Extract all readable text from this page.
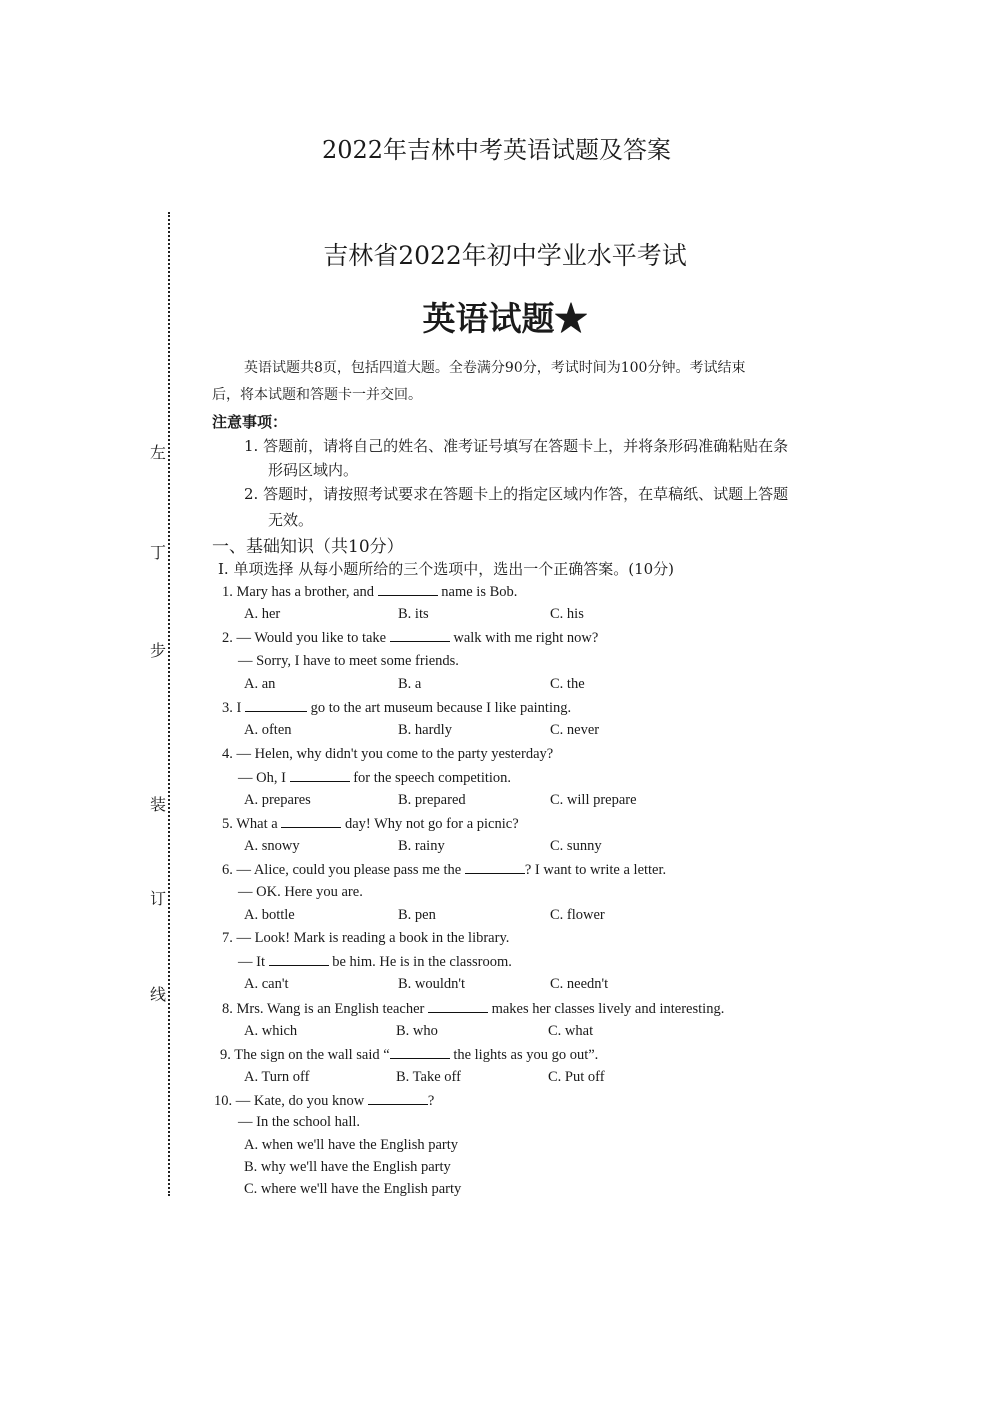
2022年吉林中考英语试题及答案
左
丁
步
装
订
线
吉林省2022年初中学业水平考试
英语试题★
英语试题共8页，包括四道大题。全卷满分90分，考试时间为100分钟。考试结束
后，将本试题和答题卡一并交回。
注意事项：
1. 答题前，请将自己的姓名、准考证号填写在答题卡上，并将条形码准确粘贴在条
形码区域内。
2. 答题时，请按照考试要求在答题卡上的指定区域内作答，在草稿纸、试题上答题
无效。
一、基础知识（共10分）
Ⅰ. 单项选择 从每小题所给的三个选项中，选出一个正确答案。(10分)
1. Mary has a brother, and	name is Bob.
A. her	B. its	C. his
2. — Would you like to take	walk with me right now?
— Sorry, I have to meet some friends.
A. an	B. a	C. the
3. I	go to the art museum because I like painting.
A. often	B. hardly	C. never
4. — Helen, why didn't you come to the party yesterday?
— Oh, I	for the speech competition.
A. prepares	B. prepared	C. will prepare
5. What a	day! Why not go for a picnic?
A. snowy	B. rainy	C. sunny
6. — Alice, could you please pass me the	? I want to write a letter.
— OK. Here you are.
A. bottle	B. pen	C. flower
7. — Look! Mark is reading a book in the library.
— It	be him. He is in the classroom.
A. can't	B. wouldn't	C. needn't
8. Mrs. Wang is an English teacher	makes her classes lively and interesting.
A. which	B. who	C. what
9. The sign on the wall said “	the lights as you go out”.
A. Turn off	B. Take off	C. Put off
10. — Kate, do you know	?
— In the school hall.
A. when we'll have the English party
B. why we'll have the English party
C. where we'll have the English party
